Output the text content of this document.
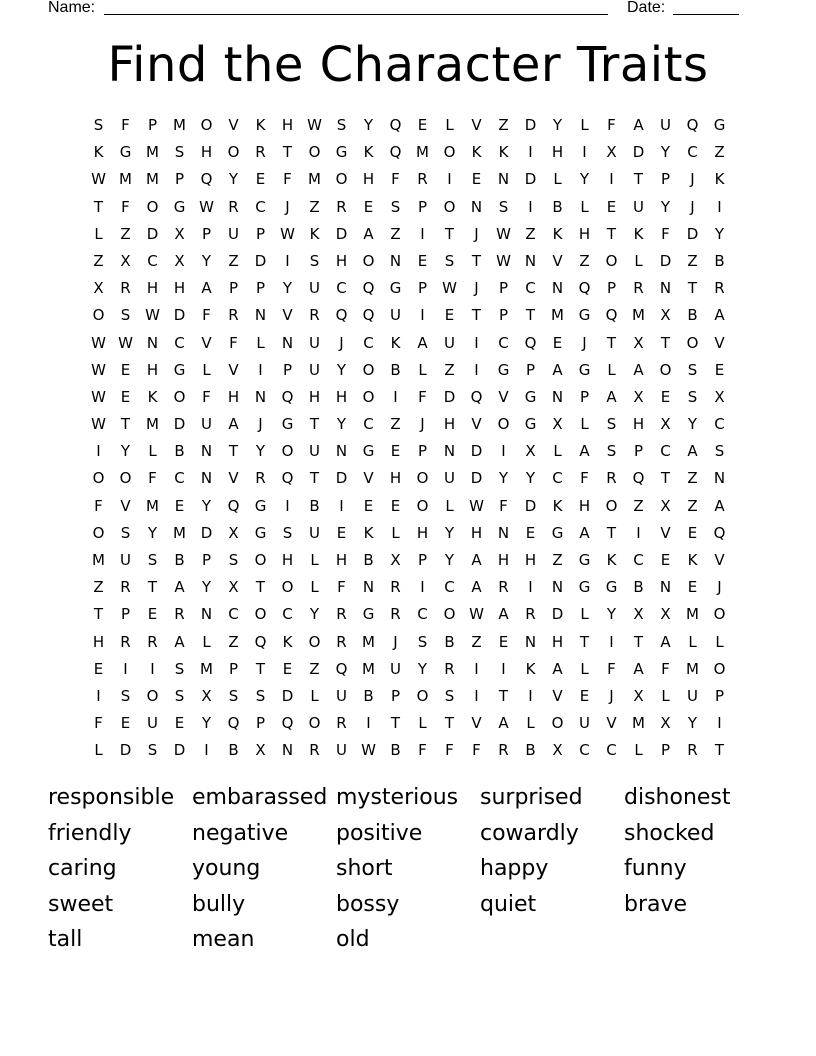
Name:	Date:
Find the Character Traits
S	F	P	M O	V	K	H W S	Y	Q	E	L	V	Z	D	Y	L	F	A	U	Q	G
K	G M	S	H	O	R	T	O	G	K	Q M O	K	K	I	H	I	X	D	Y	C	Z
W M M	P	Q	Y	E	F	M O	H	F	R	I	E	N	D	L	Y	I	T	P	J	K
T	F	O	G W R	C	J	Z	R	E	S	P	O	N	S	I	B	L	E	U	Y	J	I
L	Z	D	X	P	U	P	W K	D	A	Z	I	T	J	W Z	K	H	T	K	F	D	Y
Z	X	C	X	Y	Z	D	I	S	H	O	N	E	S	T	W N	V	Z	O	L	D	Z	B
X	R	H	H	A	P	P	Y	U	C	Q	G	P	W	J	P	C	N	Q	P	R	N	T	R
O	S W D	F	R	N	V	R	Q	Q	U	I	E	T	P	T	M G	Q M	X	B	A
W W N	C	V	F	L	N	U	J	C	K	A	U	I	C	Q	E	J	T	X	T	O	V
W E	H	G	L	V	I	P	U	Y	O	B	L	Z	I	G	P	A	G	L	A	O	S	E
W E	K	O	F	H	N	Q	H	H	O	I	F	D	Q	V	G	N	P	A	X	E	S	X
W T	M D	U	A	J	G	T	Y	C	Z	J	H	V	O	G	X	L	S	H	X	Y	C
I	Y	L	B	N	T	Y	O	U	N	G	E	P	N	D	I	X	L	A	S	P	C	A	S
O	O	F	C	N	V	R	Q	T	D	V	H	O	U	D	Y	Y	C	F	R	Q	T	Z	N
F	V	M	E	Y	Q	G	I	B	I	E	E	O	L	W	F	D	K	H	O	Z	X	Z	A
O	S	Y	M D	X	G	S	U	E	K	L	H	Y	H	N	E	G	A	T	I	V	E	Q
M	U	S	B	P	S	O	H	L	H	B	X	P	Y	A	H	H	Z	G	K	C	E	K	V
Z	R	T	A	Y	X	T	O	L	F	N	R	I	C	A	R	I	N	G	G	B	N	E	J
T	P	E	R	N	C	O	C	Y	R	G	R	C	O W A	R	D	L	Y	X	X	M O
H	R	R	A	L	Z	Q	K	O	R	M	J	S	B	Z	E	N	H	T	I	T	A	L	L
E	I	I	S	M	P	T	E	Z	Q M	U	Y	R	I	I	K	A	L	F	A	F	M O
I	S	O	S	X	S	S	D	L	U	B	P	O	S	I	T	I	V	E	J	X	L	U	P
F	E	U	E	Y	Q	P	Q	O	R	I	T	L	T	V	A	L	O	U	V	M	X	Y	I
L	D	S	D	I	B	X	N	R	U W B	F	F	F	R	B	X	C	C	L	P	R	T
responsible embarassed mysterious surprised	dishonest
friendly	negative	positive	cowardly	shocked
caring	young	short	happy	funny
sweet	bully	bossy	quiet	brave
tall	mean	old
